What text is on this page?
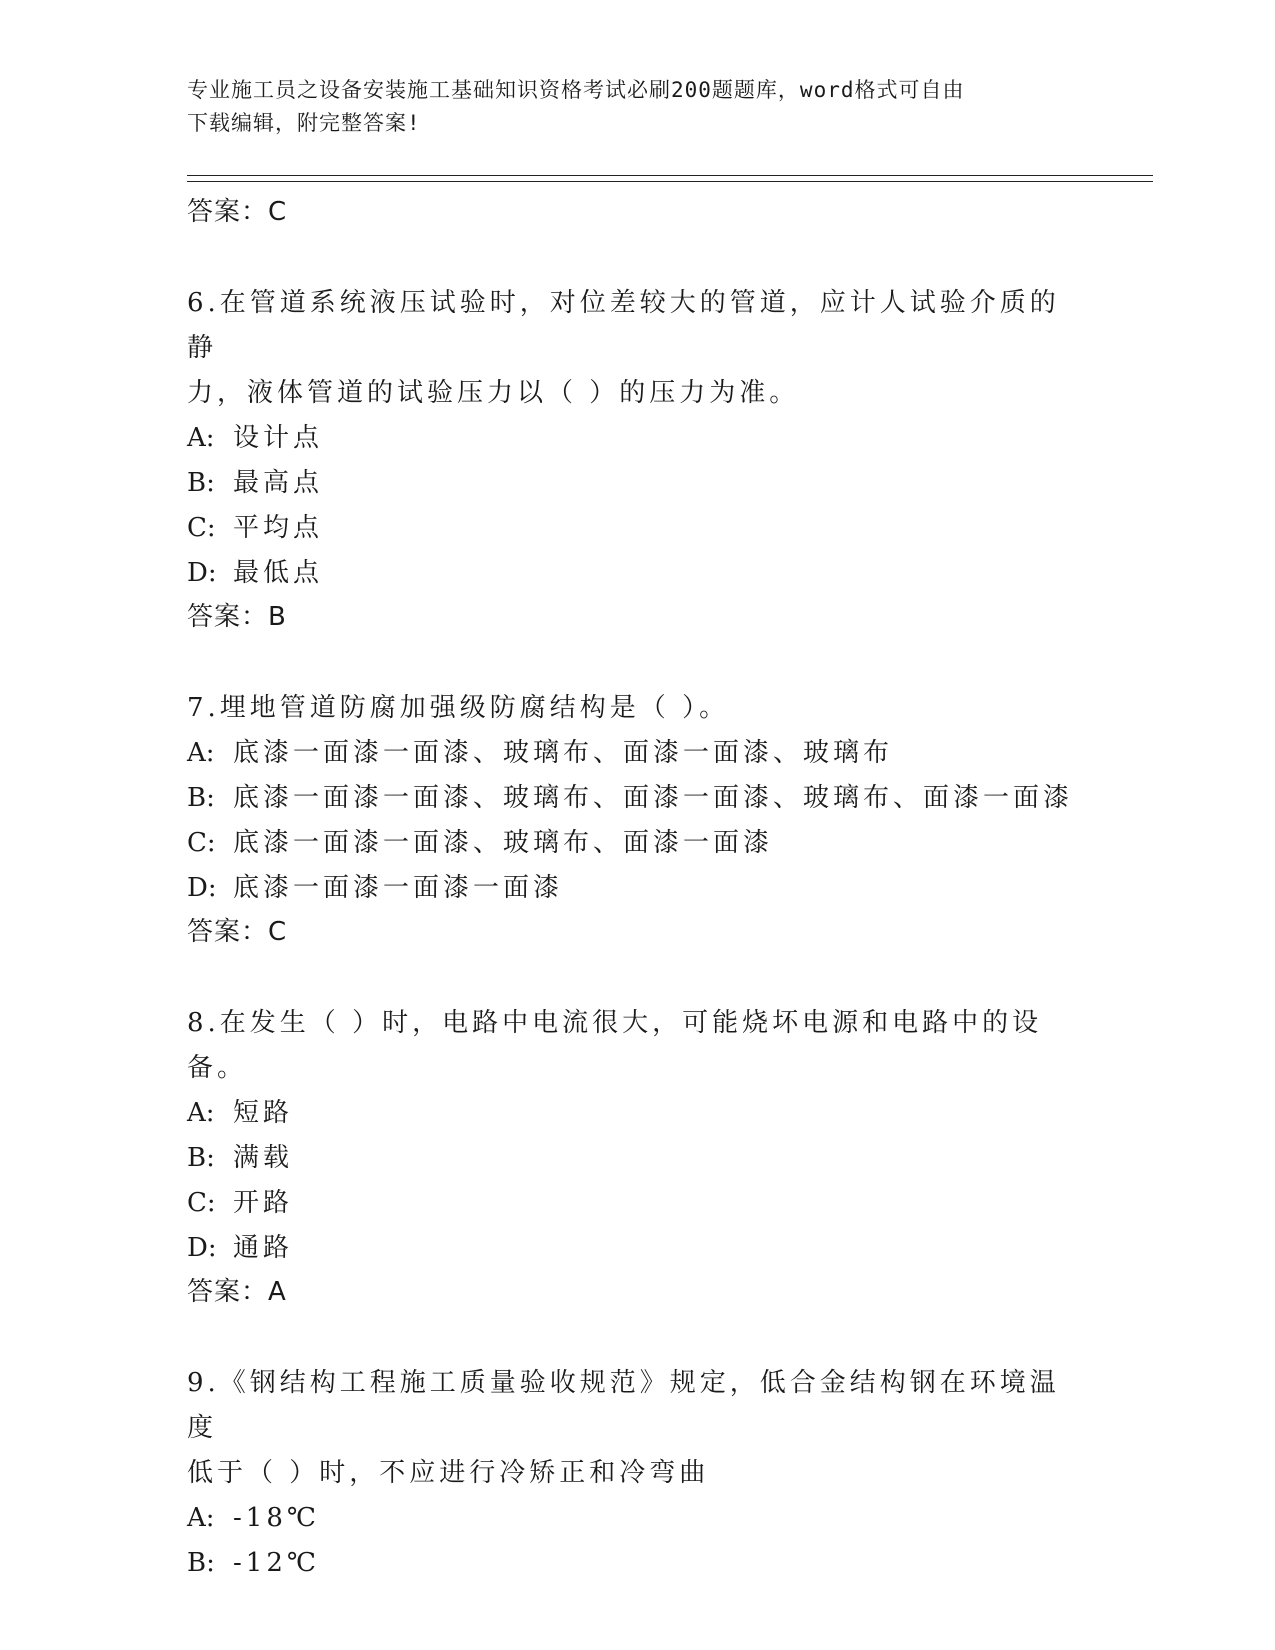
专业施工员之设备安装施工基础知识资格考试必刷200题题库，word格式可自由
下载编辑，附完整答案!
答案：C
6.在管道系统液压试验时，对位差较大的管道，应计人试验介质的静
力，液体管道的试验压力以（ ）的压力为准。
A: 设计点
B: 最高点
C: 平均点
D: 最低点
答案：B
7.埋地管道防腐加强级防腐结构是（ ）。
A: 底漆一面漆一面漆、玻璃布、面漆一面漆、玻璃布
B: 底漆一面漆一面漆、玻璃布、面漆一面漆、玻璃布、面漆一面漆
C: 底漆一面漆一面漆、玻璃布、面漆一面漆
D: 底漆一面漆一面漆一面漆
答案：C
8.在发生（ ）时，电路中电流很大，可能烧坏电源和电路中的设备。
A: 短路
B: 满载
C: 开路
D: 通路
答案：A
9.《钢结构工程施工质量验收规范》规定，低合金结构钢在环境温度
低于（ ）时，不应进行冷矫正和冷弯曲
A: -18℃
B: -12℃
